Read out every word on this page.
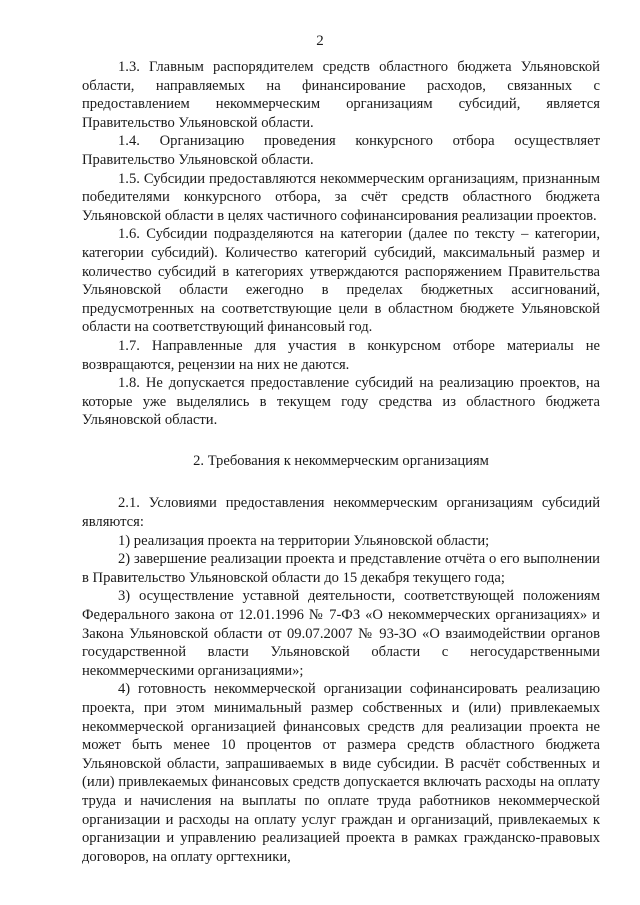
2

1.3. Главным распорядителем средств областного бюджета Ульяновской области, направляемых на финансирование расходов, связанных с предоставлением некоммерческим организациям субсидий, является Правительство Ульяновской области.

1.4. Организацию проведения конкурсного отбора осуществляет Правительство Ульяновской области.

1.5. Субсидии предоставляются некоммерческим организациям, признанным победителями конкурсного отбора, за счёт средств областного бюджета Ульяновской области в целях частичного софинансирования реализации проектов.

1.6. Субсидии подразделяются на категории (далее по тексту – категории, категории субсидий). Количество категорий субсидий, максимальный размер и количество субсидий в категориях утверждаются распоряжением Правительства Ульяновской области ежегодно в пределах бюджетных ассигнований, предусмотренных на соответствующие цели в областном бюджете Ульяновской области на соответствующий финансовый год.

1.7. Направленные для участия в конкурсном отборе материалы не возвращаются, рецензии на них не даются.

1.8. Не допускается предоставление субсидий на реализацию проектов, на которые уже выделялись в текущем году средства из областного бюджета Ульяновской области.

2. Требования к некоммерческим организациям

2.1. Условиями предоставления некоммерческим организациям субсидий являются:

1) реализация проекта на территории Ульяновской области;

2) завершение реализации проекта и представление отчёта о его выполнении в Правительство Ульяновской области до 15 декабря текущего года;

3) осуществление уставной деятельности, соответствующей положениям Федерального закона от 12.01.1996 № 7-ФЗ «О некоммерческих организациях» и Закона Ульяновской области от 09.07.2007 № 93-ЗО «О взаимодействии органов государственной власти Ульяновской области с негосударственными некоммерческими организациями»;

4) готовность некоммерческой организации софинансировать реализацию проекта, при этом минимальный размер собственных и (или) привлекаемых некоммерческой организацией финансовых средств для реализации проекта не может быть менее 10 процентов от размера средств областного бюджета Ульяновской области, запрашиваемых в виде субсидии. В расчёт собственных и (или) привлекаемых финансовых средств допускается включать расходы на оплату труда и начисления на выплаты по оплате труда работников некоммерческой организации и расходы на оплату услуг граждан и организаций, привлекаемых к организации и управлению реализацией проекта в рамках гражданско-правовых договоров, на оплату оргтехники,
